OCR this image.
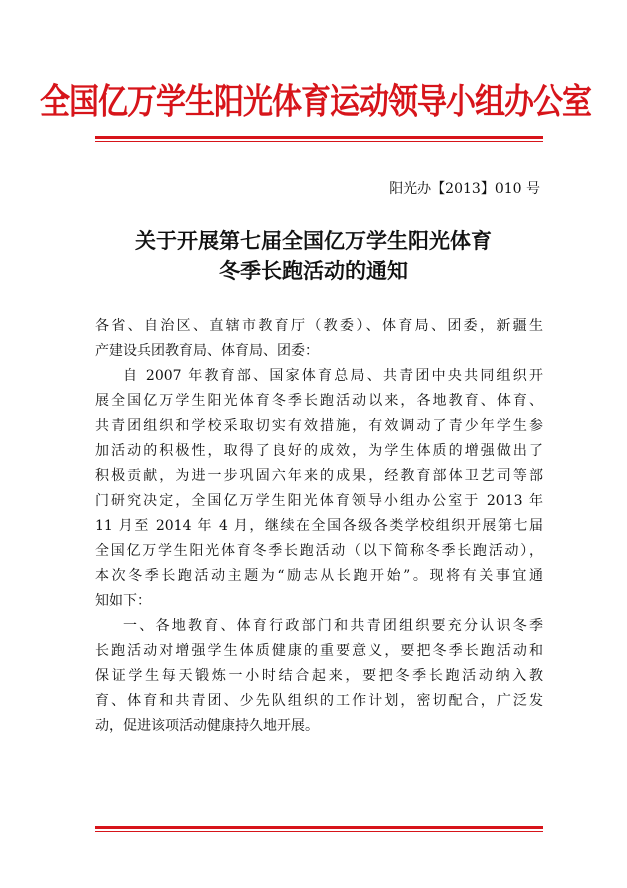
全国亿万学生阳光体育运动领导小组办公室
阳光办【2013】010 号
关于开展第七届全国亿万学生阳光体育
冬季长跑活动的通知
各省、自治区、直辖市教育厅（教委）、体育局、团委，新疆生
产建设兵团教育局、体育局、团委：
自 2007 年教育部、国家体育总局、共青团中央共同组织开
展全国亿万学生阳光体育冬季长跑活动以来，各地教育、体育、
共青团组织和学校采取切实有效措施，有效调动了青少年学生参
加活动的积极性，取得了良好的成效，为学生体质的增强做出了
积极贡献，为进一步巩固六年来的成果，经教育部体卫艺司等部
门研究决定，全国亿万学生阳光体育领导小组办公室于 2013 年
11 月至 2014 年 4 月，继续在全国各级各类学校组织开展第七届
全国亿万学生阳光体育冬季长跑活动（以下简称冬季长跑活动），
本次冬季长跑活动主题为“励志从长跑开始”。现将有关事宜通
知如下：
一、各地教育、体育行政部门和共青团组织要充分认识冬季
长跑活动对增强学生体质健康的重要意义，要把冬季长跑活动和
保证学生每天锻炼一小时结合起来，要把冬季长跑活动纳入教
育、体育和共青团、少先队组织的工作计划，密切配合，广泛发
动，促进该项活动健康持久地开展。
